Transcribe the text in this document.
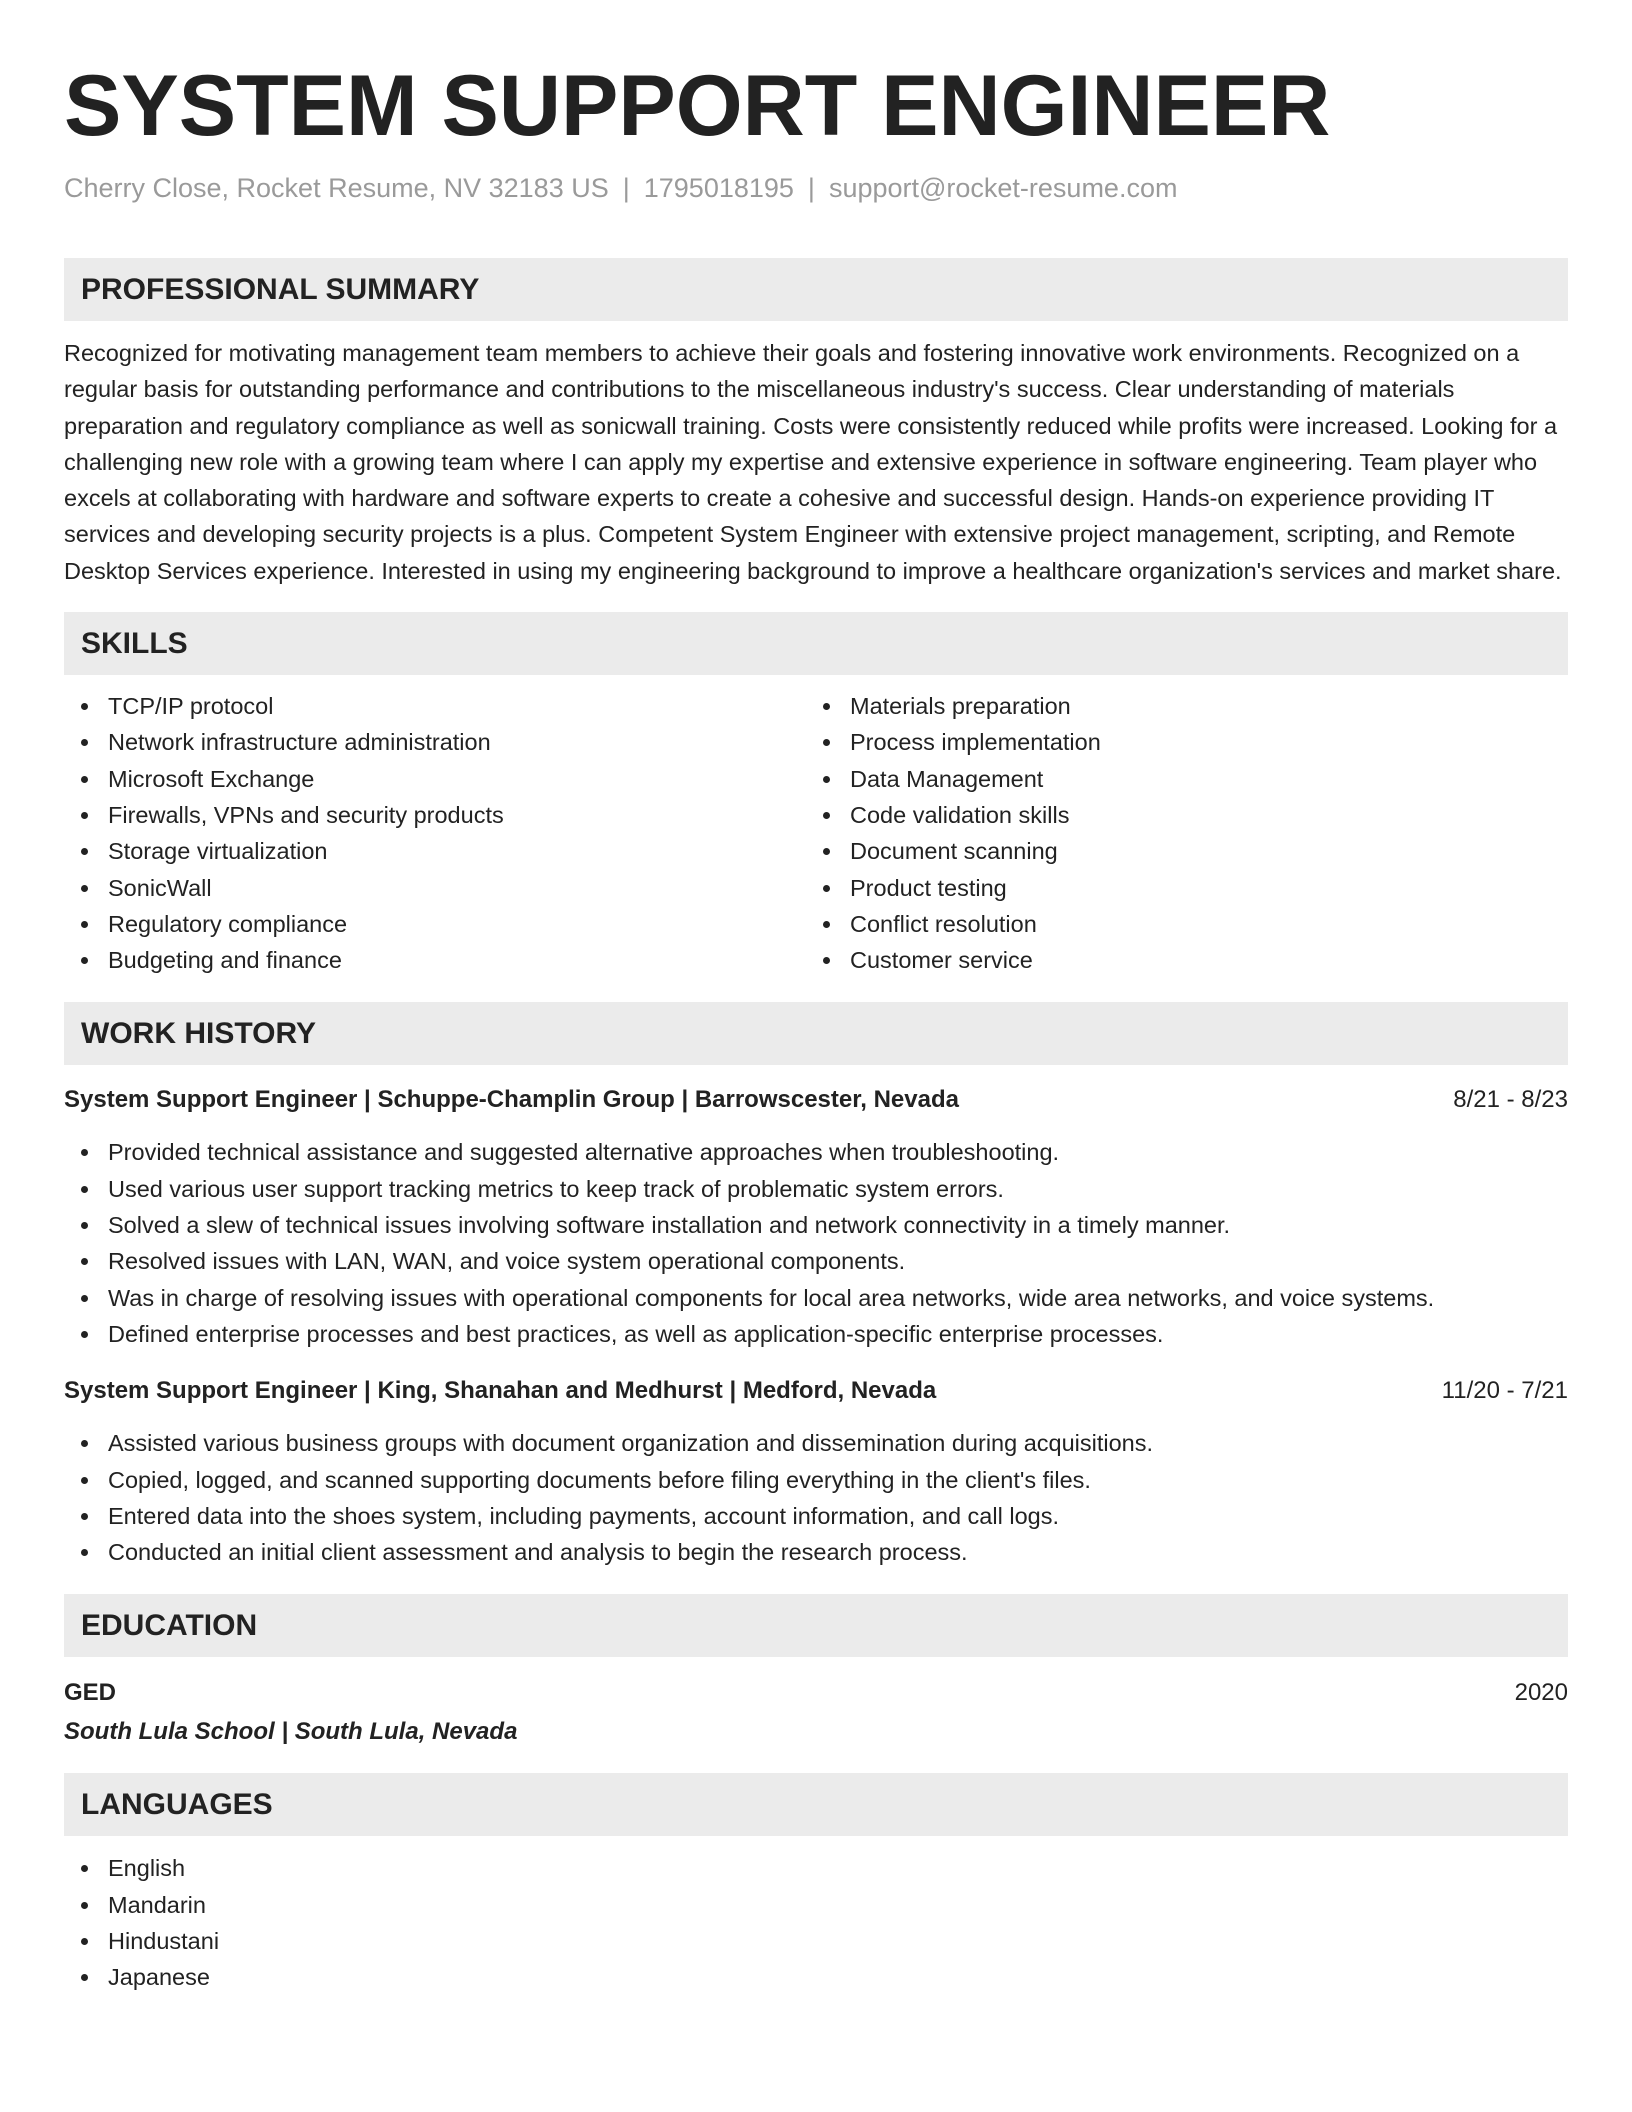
SYSTEM SUPPORT ENGINEER
Cherry Close, Rocket Resume, NV 32183 US | 1795018195 | support@rocket-resume.com
PROFESSIONAL SUMMARY
Recognized for motivating management team members to achieve their goals and fostering innovative work environments. Recognized on a regular basis for outstanding performance and contributions to the miscellaneous industry's success. Clear understanding of materials preparation and regulatory compliance as well as sonicwall training. Costs were consistently reduced while profits were increased. Looking for a challenging new role with a growing team where I can apply my expertise and extensive experience in software engineering. Team player who excels at collaborating with hardware and software experts to create a cohesive and successful design. Hands-on experience providing IT services and developing security projects is a plus. Competent System Engineer with extensive project management, scripting, and Remote Desktop Services experience. Interested in using my engineering background to improve a healthcare organization's services and market share.
SKILLS
TCP/IP protocol
Network infrastructure administration
Microsoft Exchange
Firewalls, VPNs and security products
Storage virtualization
SonicWall
Regulatory compliance
Budgeting and finance
Materials preparation
Process implementation
Data Management
Code validation skills
Document scanning
Product testing
Conflict resolution
Customer service
WORK HISTORY
System Support Engineer | Schuppe-Champlin Group | Barrowscester, Nevada	8/21 - 8/23
Provided technical assistance and suggested alternative approaches when troubleshooting.
Used various user support tracking metrics to keep track of problematic system errors.
Solved a slew of technical issues involving software installation and network connectivity in a timely manner.
Resolved issues with LAN, WAN, and voice system operational components.
Was in charge of resolving issues with operational components for local area networks, wide area networks, and voice systems.
Defined enterprise processes and best practices, as well as application-specific enterprise processes.
System Support Engineer | King, Shanahan and Medhurst | Medford, Nevada	11/20 - 7/21
Assisted various business groups with document organization and dissemination during acquisitions.
Copied, logged, and scanned supporting documents before filing everything in the client's files.
Entered data into the shoes system, including payments, account information, and call logs.
Conducted an initial client assessment and analysis to begin the research process.
EDUCATION
GED	2020
South Lula School | South Lula, Nevada
LANGUAGES
English
Mandarin
Hindustani
Japanese
